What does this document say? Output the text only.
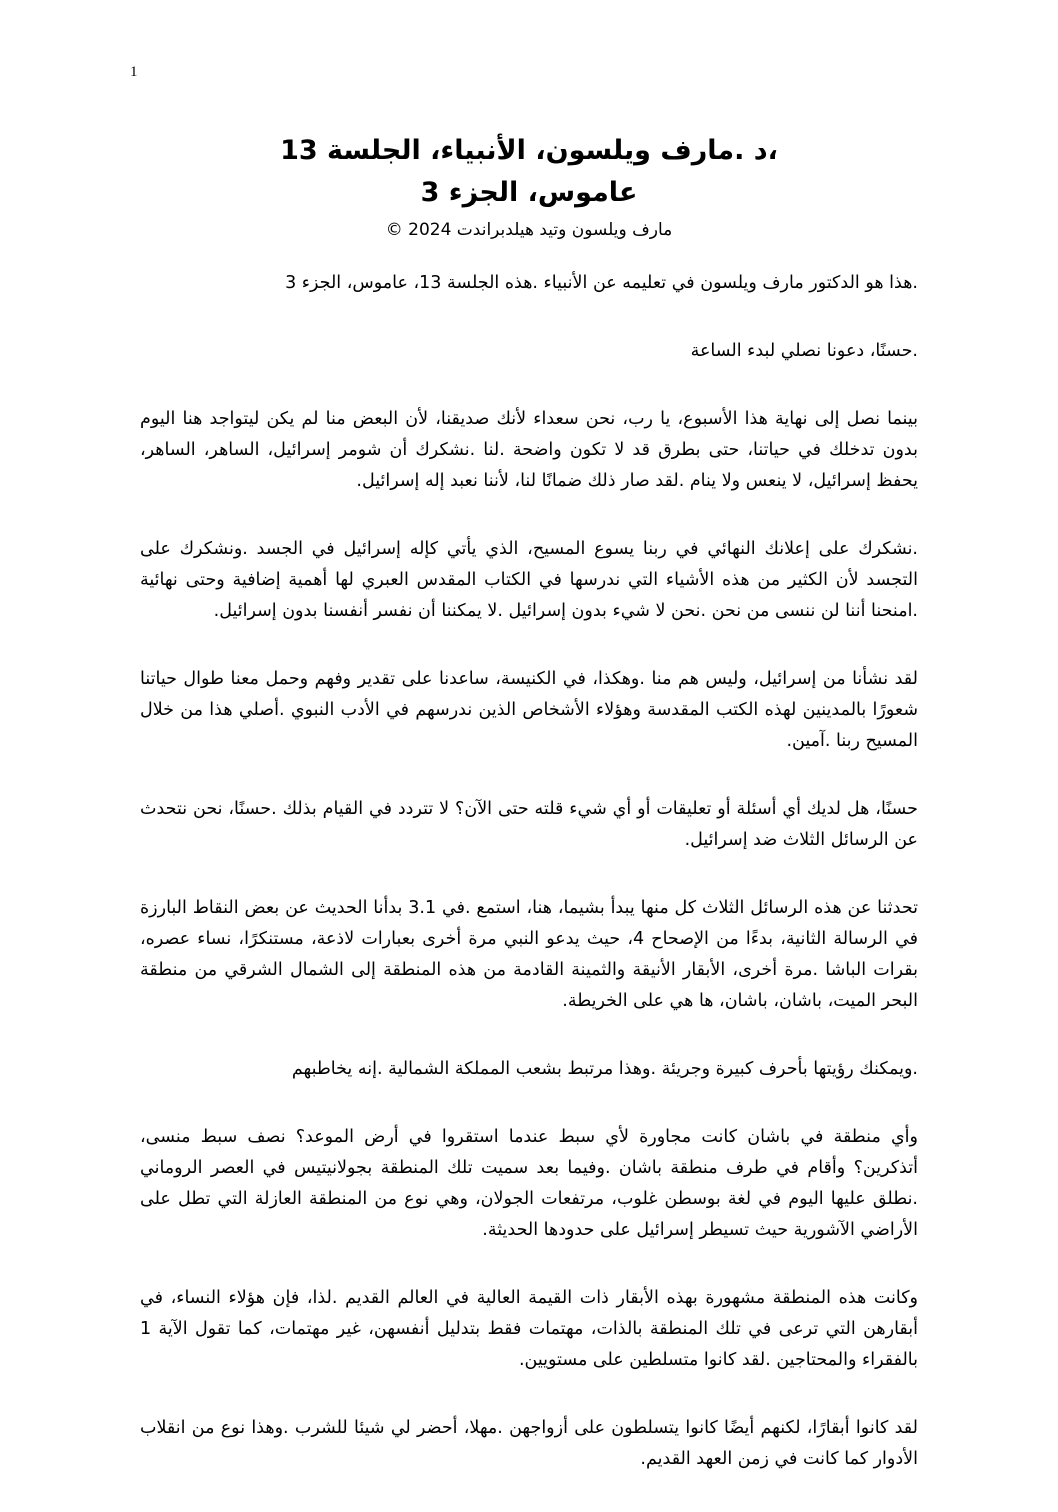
1
،د .مارف ويلسون، الأنبياء، الجلسة 13
عاموس، الجزء 3
مارف ويلسون وتيد هيلدبراندت 2024 ©

.هذا هو الدكتور مارف ويلسون في تعليمه عن الأنبياء .هذه الجلسة 13، عاموس، الجزء 3

.حسنًا، دعونا نصلي لبدء الساعة

بينما نصل إلى نهاية هذا الأسبوع، يا رب، نحن سعداء لأنك صديقنا، لأن البعض منا لم يكن ليتواجد هنا اليوم بدون تدخلك في حياتنا، حتى بطرق قد لا تكون واضحة .لنا .نشكرك أن شومر إسرائيل، الساهر، الساهر، يحفظ إسرائيل، لا ينعس ولا ينام .لقد صار ذلك ضمانًا لنا، لأننا نعبد إله إسرائيل.

.نشكرك على إعلانك النهائي في ربنا يسوع المسيح، الذي يأتي كإله إسرائيل في الجسد .ونشكرك على التجسد لأن الكثير من هذه الأشياء التي ندرسها في الكتاب المقدس العبري لها أهمية إضافية وحتى نهائية .امنحنا أننا لن ننسى من نحن .نحن لا شيء بدون إسرائيل .لا يمكننا أن نفسر أنفسنا بدون إسرائيل.

لقد نشأنا من إسرائيل، وليس هم منا .وهكذا، في الكنيسة، ساعدنا على تقدير وفهم وحمل معنا طوال حياتنا شعورًا بالمدينين لهذه الكتب المقدسة وهؤلاء الأشخاص الذين ندرسهم في الأدب النبوي .أصلي هذا من خلال المسيح ربنا .آمين.

حسنًا، هل لديك أي أسئلة أو تعليقات أو أي شيء قلته حتى الآن؟ لا تتردد في القيام بذلك .حسنًا، نحن نتحدث عن الرسائل الثلاث ضد إسرائيل.

تحدثنا عن هذه الرسائل الثلاث كل منها يبدأ بشيما، هنا، استمع .في 3.1 بدأنا الحديث عن بعض النقاط البارزة في الرسالة الثانية، بدءًا من الإصحاح 4، حيث يدعو النبي مرة أخرى بعبارات لاذعة، مستنكرًا، نساء عصره، بقرات الباشا .مرة أخرى، الأبقار الأنيقة والثمينة القادمة من هذه المنطقة إلى الشمال الشرقي من منطقة البحر الميت، باشان، باشان، ها هي على الخريطة.

.ويمكنك رؤيتها بأحرف كبيرة وجريئة .وهذا مرتبط بشعب المملكة الشمالية .إنه يخاطبهم

وأي منطقة في باشان كانت مجاورة لأي سبط عندما استقروا في أرض الموعد؟ نصف سبط منسى، أتذكرين؟ وأقام في طرف منطقة باشان .وفيما بعد سميت تلك المنطقة بجولانيتيس في العصر الروماني .نطلق عليها اليوم في لغة بوسطن غلوب، مرتفعات الجولان، وهي نوع من المنطقة العازلة التي تطل على الأراضي الآشورية حيث تسيطر إسرائيل على حدودها الحديثة.

وكانت هذه المنطقة مشهورة بهذه الأبقار ذات القيمة العالية في العالم القديم .لذا، فإن هؤلاء النساء، في أبقارهن التي ترعى في تلك المنطقة بالذات، مهتمات فقط بتدليل أنفسهن، غير مهتمات، كما تقول الآية 1 بالفقراء والمحتاجين .لقد كانوا متسلطين على مستويين.

لقد كانوا أبقارًا، لكنهم أيضًا كانوا يتسلطون على أزواجهن .مهلا، أحضر لي شيئا للشرب .وهذا نوع من انقلاب الأدوار كما كانت في زمن العهد القديم.
